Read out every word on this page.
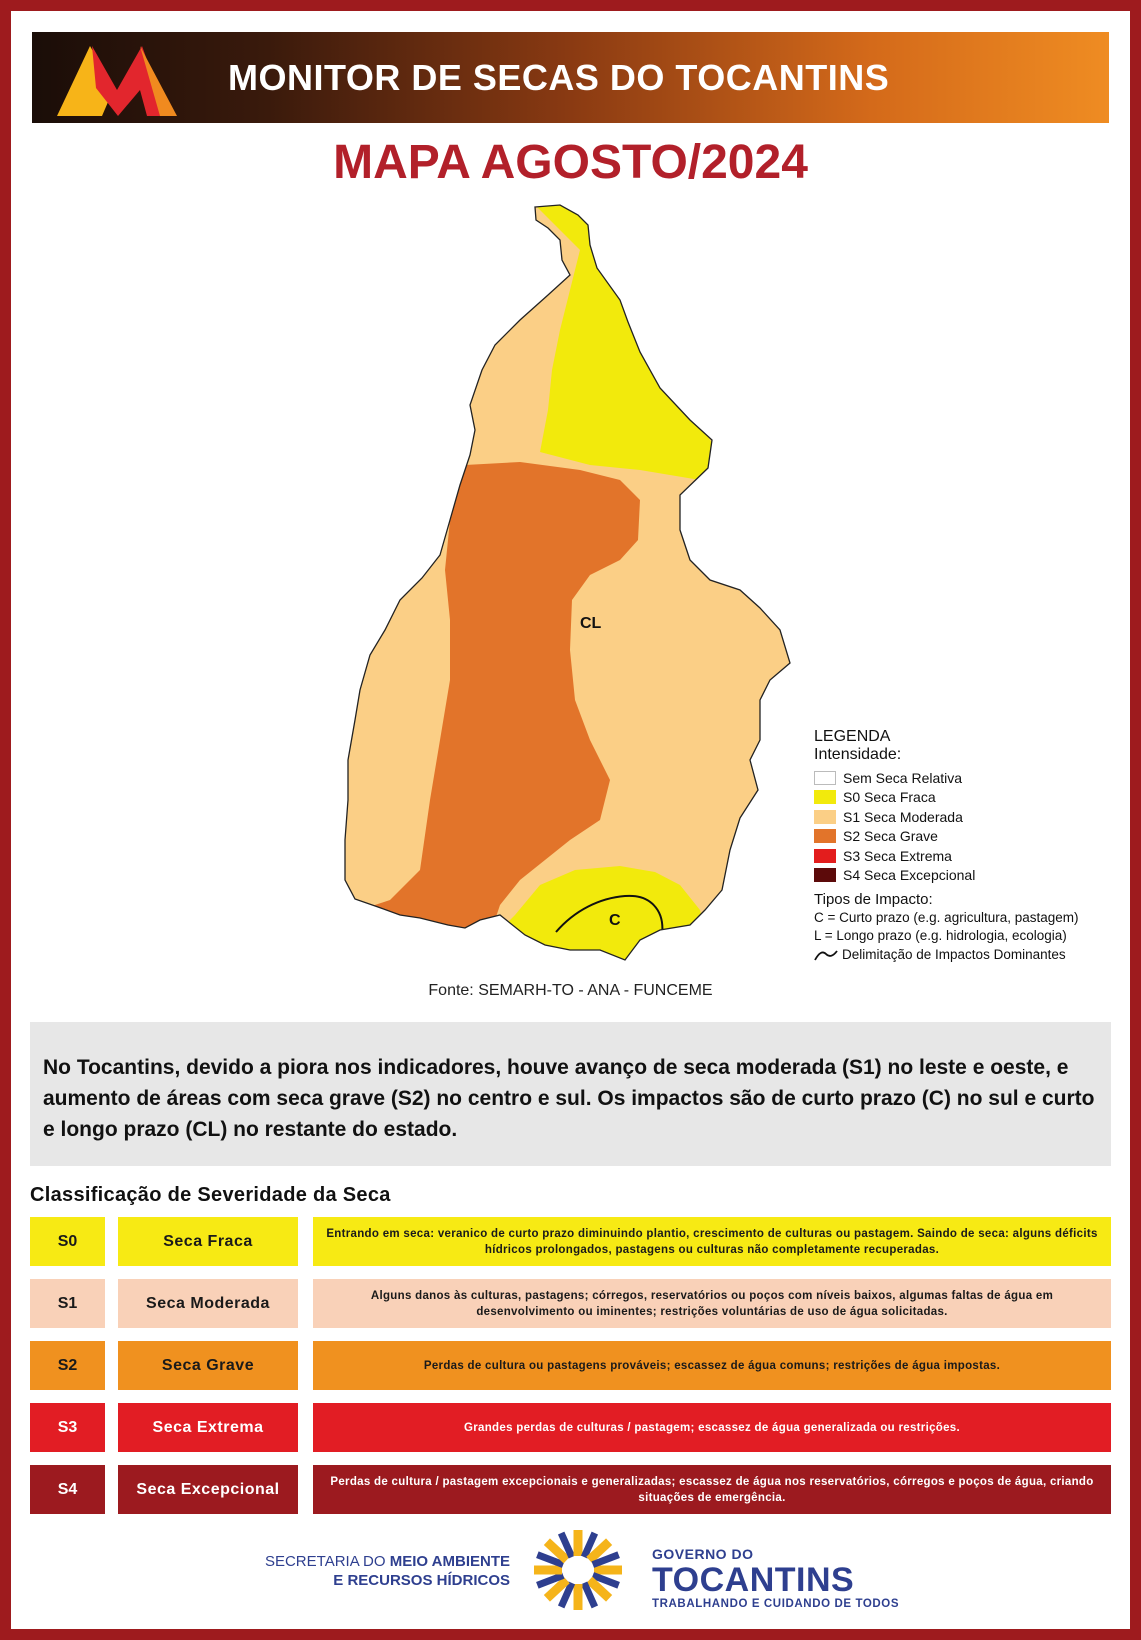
MONITOR DE SECAS DO TOCANTINS
MAPA AGOSTO/2024
CL
C
LEGENDA
Intensidade:
Sem Seca Relativa
S0 Seca Fraca
S1 Seca Moderada
S2 Seca Grave
S3 Seca Extrema
S4 Seca Excepcional
Tipos de Impacto:
C = Curto prazo (e.g. agricultura, pastagem)
L = Longo prazo (e.g. hidrologia, ecologia)
Delimitação de Impactos Dominantes
Fonte: SEMARH-TO - ANA - FUNCEME
No Tocantins, devido a piora nos indicadores, houve avanço de seca moderada (S1) no leste e oeste, e aumento de áreas com seca grave (S2) no centro e sul. Os impactos são de curto prazo (C) no sul e curto e longo prazo (CL) no restante do estado.
Classificação de Severidade da Seca
S0	Seca Fraca	Entrando em seca: veranico de curto prazo diminuindo plantio, crescimento de culturas ou pastagem. Saindo de seca: alguns déficits hídricos prolongados, pastagens ou culturas não completamente recuperadas.
S1	Seca Moderada	Alguns danos às culturas, pastagens; córregos, reservatórios ou poços com níveis baixos, algumas faltas de água em desenvolvimento ou iminentes; restrições voluntárias de uso de água solicitadas.
S2	Seca Grave	Perdas de cultura ou pastagens prováveis; escassez de água comuns; restrições de água impostas.
S3	Seca Extrema	Grandes perdas de culturas / pastagem; escassez de água generalizada ou restrições.
S4	Seca Excepcional	Perdas de cultura / pastagem excepcionais e generalizadas; escassez de água nos reservatórios, córregos e poços de água, criando situações de emergência.
SECRETARIA DO MEIO AMBIENTE
E RECURSOS HÍDRICOS
GOVERNO DO
TOCANTINS
TRABALHANDO E CUIDANDO DE TODOS
